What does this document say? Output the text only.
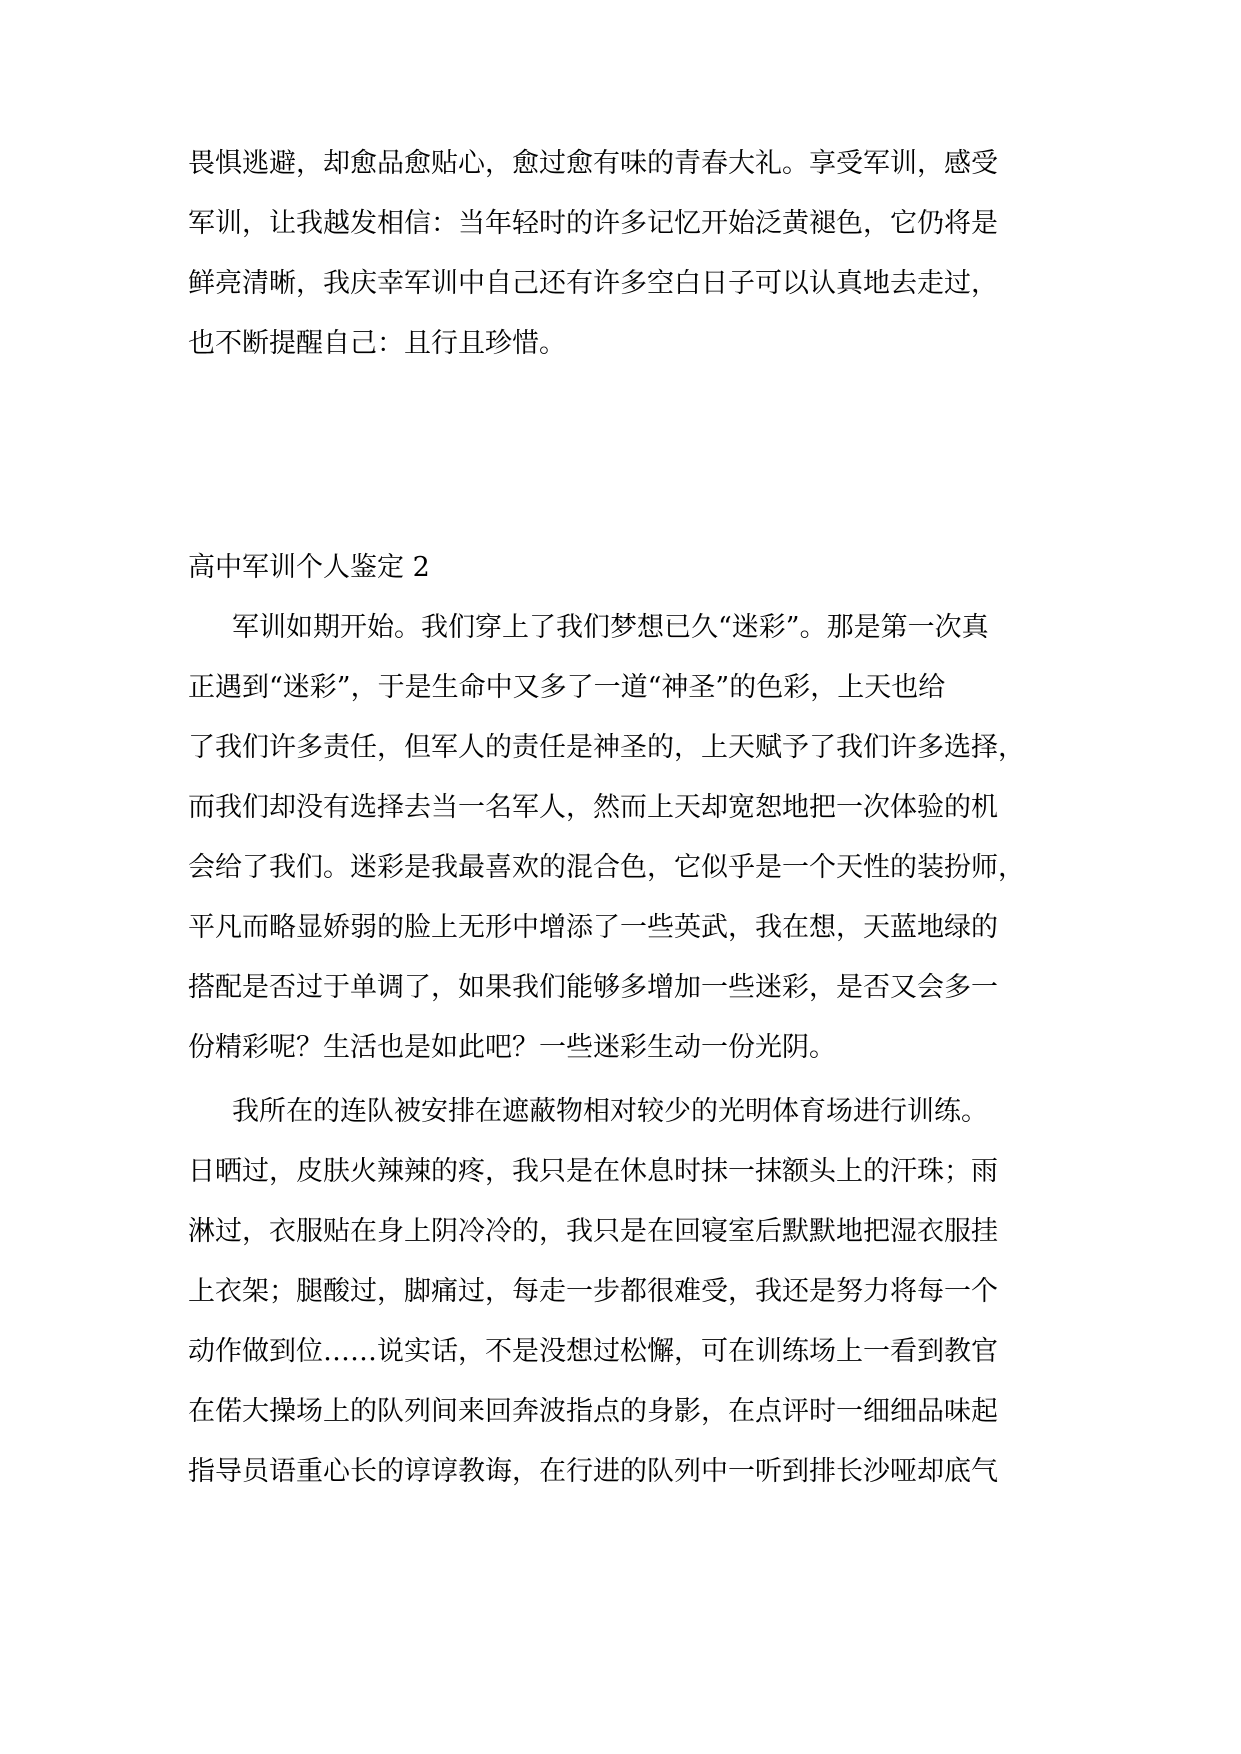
畏惧逃避，却愈品愈贴心，愈过愈有味的青春大礼。享受军训，感受
军训，让我越发相信：当年轻时的许多记忆开始泛黄褪色，它仍将是
鲜亮清晰，我庆幸军训中自己还有许多空白日子可以认真地去走过，
也不断提醒自己：且行且珍惜。
高中军训个人鉴定 2
军训如期开始。我们穿上了我们梦想已久“迷彩”。那是第一次真
正遇到“迷彩”，于是生命中又多了一道“神圣”的色彩，上天也给
了我们许多责任，但军人的责任是神圣的，上天赋予了我们许多选择，
而我们却没有选择去当一名军人，然而上天却宽恕地把一次体验的机
会给了我们。迷彩是我最喜欢的混合色，它似乎是一个天性的装扮师，
平凡而略显娇弱的脸上无形中增添了一些英武，我在想，天蓝地绿的
搭配是否过于单调了，如果我们能够多增加一些迷彩，是否又会多一
份精彩呢？生活也是如此吧？一些迷彩生动一份光阴。
我所在的连队被安排在遮蔽物相对较少的光明体育场进行训练。
日晒过，皮肤火辣辣的疼，我只是在休息时抹一抹额头上的汗珠；雨
淋过，衣服贴在身上阴冷冷的，我只是在回寝室后默默地把湿衣服挂
上衣架；腿酸过，脚痛过，每走一步都很难受，我还是努力将每一个
动作做到位……说实话，不是没想过松懈，可在训练场上一看到教官
在偌大操场上的队列间来回奔波指点的身影，在点评时一细细品味起
指导员语重心长的谆谆教诲，在行进的队列中一听到排长沙哑却底气
